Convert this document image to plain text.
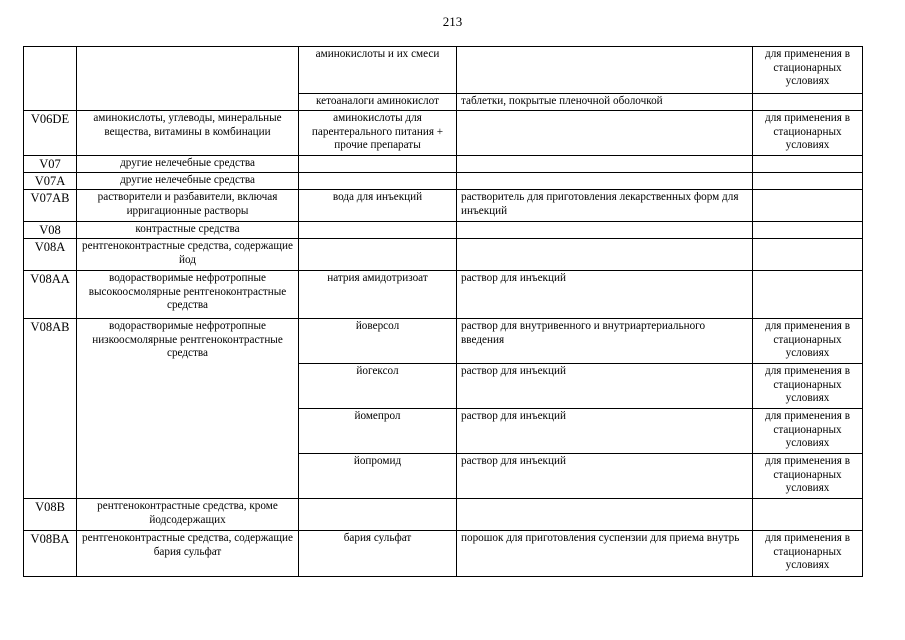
213
		аминокислоты и их смеси		для применения в стационарных условиях
		кетоаналоги аминокислот	таблетки, покрытые пленочной оболочкой	
V06DE	аминокислоты, углеводы, минеральные вещества, витамины в комбинации	аминокислоты для парентерального питания + прочие препараты		для применения в стационарных условиях
V07	другие нелечебные средства			
V07A	другие нелечебные средства			
V07AB	растворители и разбавители, включая ирригационные растворы	вода для инъекций	растворитель для приготовления лекарственных форм для инъекций	
V08	контрастные средства			
V08A	рентгеноконтрастные средства, содержащие йод			
V08AA	водорастворимые нефротропные высокоосмолярные рентгеноконтрастные средства	натрия амидотризоат	раствор для инъекций	
V08AB	водорастворимые нефротропные низкоосмолярные рентгеноконтрастные средства	йоверсол	раствор для внутривенного и внутриартериального введения	для применения в стационарных условиях
		йогексол	раствор для инъекций	для применения в стационарных условиях
		йомепрол	раствор для инъекций	для применения в стационарных условиях
		йопромид	раствор для инъекций	для применения в стационарных условиях
V08B	рентгеноконтрастные средства, кроме йодсодержащих			
V08BA	рентгеноконтрастные средства, содержащие бария сульфат	бария сульфат	порошок для приготовления суспензии для приема внутрь	для применения в стационарных условиях
